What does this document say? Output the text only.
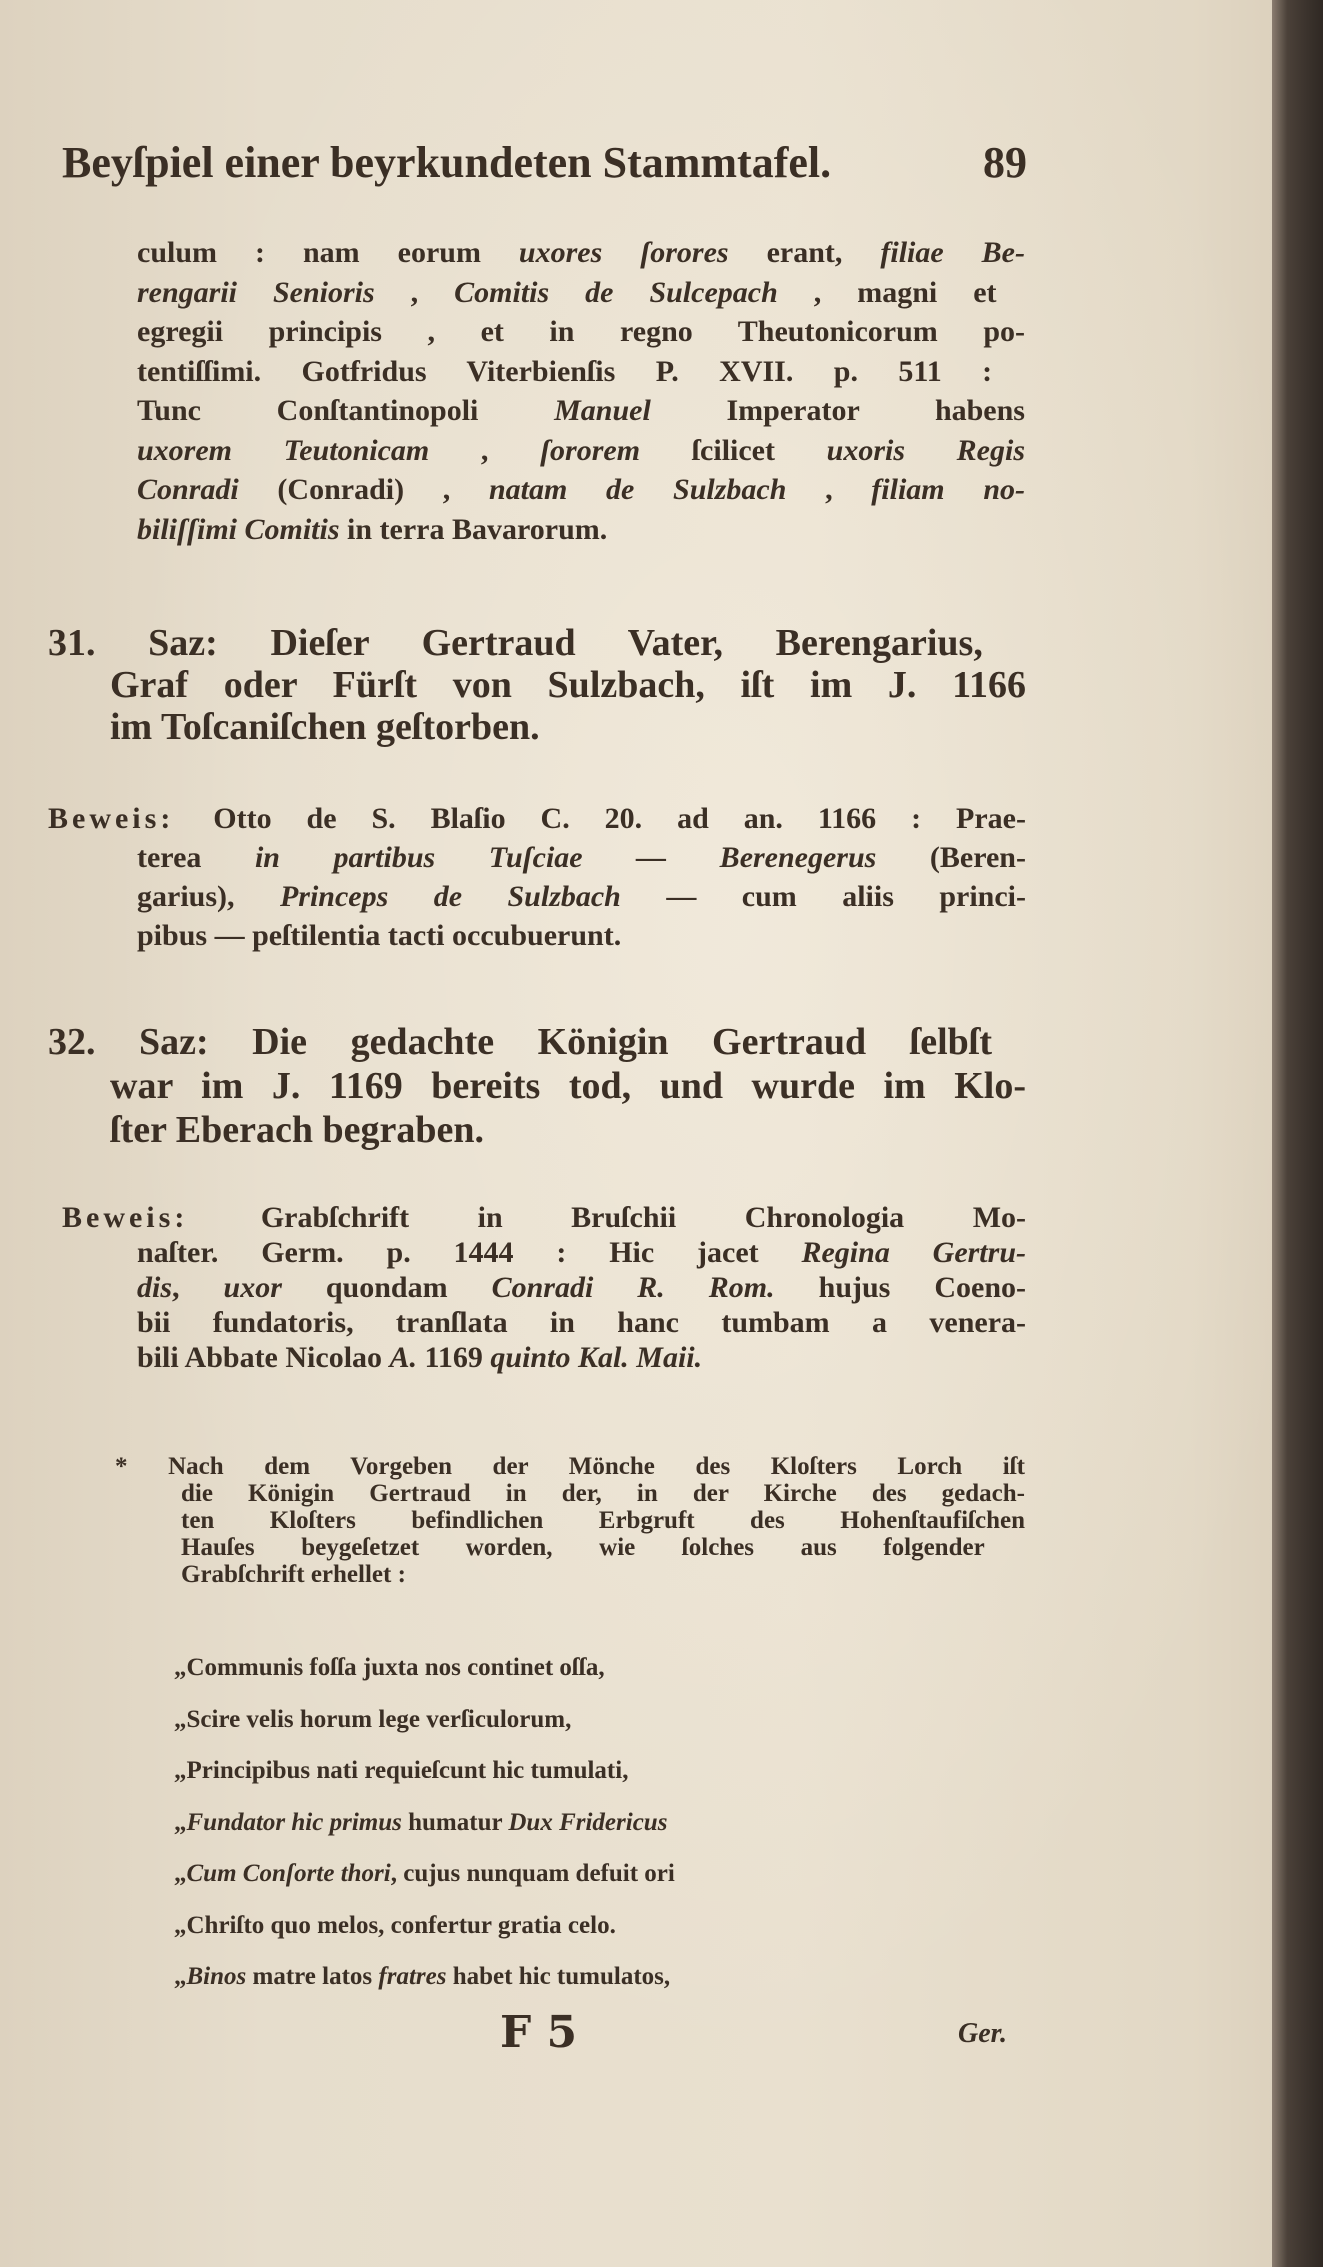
Beyſpiel einer beyrkundeten Stammtafel.	89
culum : nam eorum uxores ſorores erant, filiae Be-
rengarii Senioris , Comitis de Sulcepach , magni et
egregii principis , et in regno Theutonicorum po-
tentiſſimi. Gotfridus Viterbienſis P. XVII. p. 511 :
Tunc Conſtantinopoli Manuel Imperator habens
uxorem Teutonicam , ſororem ſcilicet uxoris Regis
Conradi (Conradi) , natam de Sulzbach , filiam no-
biliſſimi Comitis in terra Bavarorum.
31. Saz: Dieſer Gertraud Vater, Berengarius,
Graf oder Fürſt von Sulzbach, iſt im J. 1166
im Toſcaniſchen geſtorben.
Beweis: Otto de S. Blaſio C. 20. ad an. 1166 : Prae-
terea in partibus Tuſciae — Berenegerus (Beren-
garius), Princeps de Sulzbach — cum aliis princi-
pibus — peſtilentia tacti occubuerunt.
32. Saz: Die gedachte Königin Gertraud ſelbſt
war im J. 1169 bereits tod, und wurde im Klo-
ſter Eberach begraben.
Beweis: Grabſchrift in Bruſchii Chronologia Mo-
naſter. Germ. p. 1444 : Hic jacet Regina Gertru-
dis, uxor quondam Conradi R. Rom. hujus Coeno-
bii fundatoris, tranſlata in hanc tumbam a venera-
bili Abbate Nicolao A. 1169 quinto Kal. Maii.
* Nach dem Vorgeben der Mönche des Kloſters Lorch iſt
die Königin Gertraud in der, in der Kirche des gedach-
ten Kloſters befindlichen Erbgruft des Hohenſtaufiſchen
Hauſes beygeſetzet worden, wie ſolches aus folgender
Grabſchrift erhellet :
„Communis foſſa juxta nos continet oſſa,
„Scire velis horum lege verſiculorum,
„Principibus nati requieſcunt hic tumulati,
„Fundator hic primus humatur Dux Fridericus
„Cum Conſorte thori, cujus nunquam defuit ori
„Chriſto quo melos, confertur gratia celo.
„Binos matre latos fratres habet hic tumulatos,
F 5	Ger.
